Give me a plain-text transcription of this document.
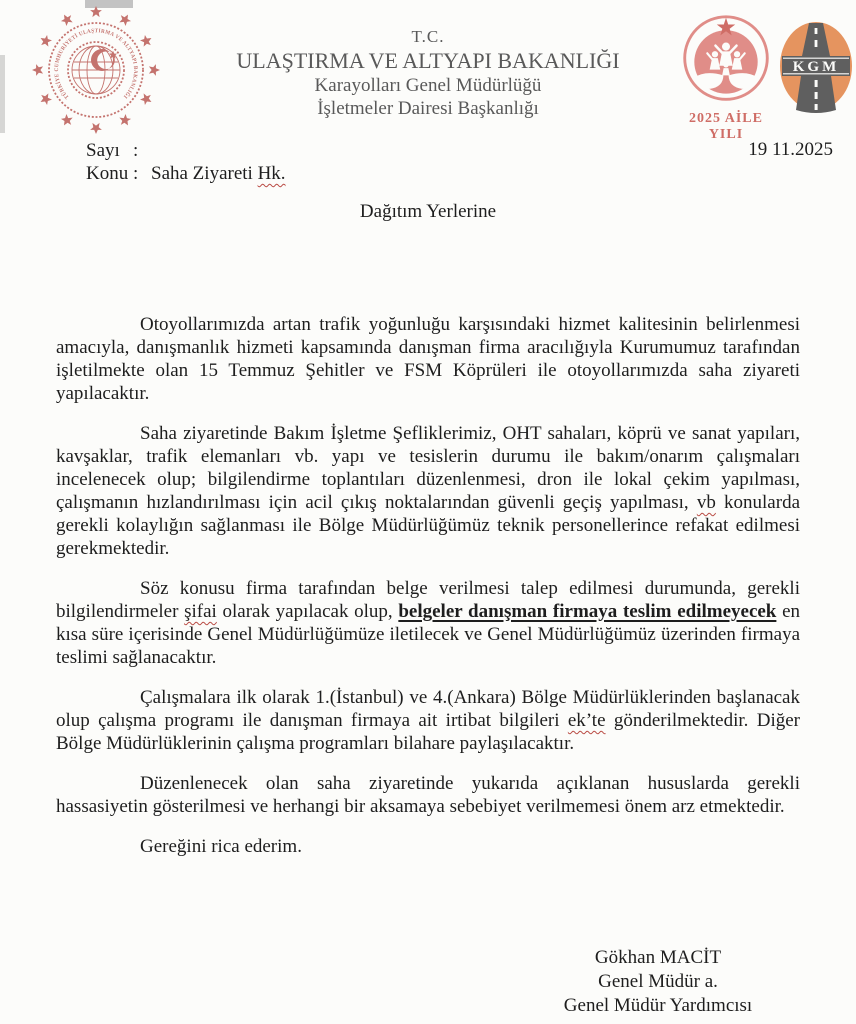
TÜRKİYE CUMHURİYETİ ULAŞTIRMA VE ALTYAPI BAKANLIĞI
T.C.
ULAŞTIRMA VE ALTYAPI BAKANLIĞI
Karayolları Genel Müdürlüğü
İşletmeler Dairesi Başkanlığı	2025 AİLE YILI
KGM
Sayı :
Konu : Saha Ziyareti Hk.
19 11.2025
Dağıtım Yerlerine

Otoyollarımızda artan trafik yoğunluğu karşısındaki hizmet kalitesinin belirlenmesi amacıyla, danışmanlık hizmeti kapsamında danışman firma aracılığıyla Kurumumuz tarafından işletilmekte olan 15 Temmuz Şehitler ve FSM Köprüleri ile otoyollarımızda saha ziyareti yapılacaktır.

Saha ziyaretinde Bakım İşletme Şefliklerimiz, OHT sahaları, köprü ve sanat yapıları, kavşaklar, trafik elemanları vb. yapı ve tesislerin durumu ile bakım/onarım çalışmaları incelenecek olup; bilgilendirme toplantıları düzenlenmesi, dron ile lokal çekim yapılması, çalışmanın hızlandırılması için acil çıkış noktalarından güvenli geçiş yapılması, vb konularda gerekli kolaylığın sağlanması ile Bölge Müdürlüğümüz teknik personellerince refakat edilmesi gerekmektedir.

Söz konusu firma tarafından belge verilmesi talep edilmesi durumunda, gerekli bilgilendirmeler şifai olarak yapılacak olup, belgeler danışman firmaya teslim edilmeyecek en kısa süre içerisinde Genel Müdürlüğümüze iletilecek ve Genel Müdürlüğümüz üzerinden firmaya teslimi sağlanacaktır.

Çalışmalara ilk olarak 1.(İstanbul) ve 4.(Ankara) Bölge Müdürlüklerinden başlanacak olup çalışma programı ile danışman firmaya ait irtibat bilgileri ek’te gönderilmektedir. Diğer Bölge Müdürlüklerinin çalışma programları bilahare paylaşılacaktır.

Düzenlenecek olan saha ziyaretinde yukarıda açıklanan hususlarda gerekli hassasiyetin gösterilmesi ve herhangi bir aksamaya sebebiyet verilmemesi önem arz etmektedir.

Gereğini rica ederim.

Gökhan MACİT
Genel Müdür a.
Genel Müdür Yardımcısı
